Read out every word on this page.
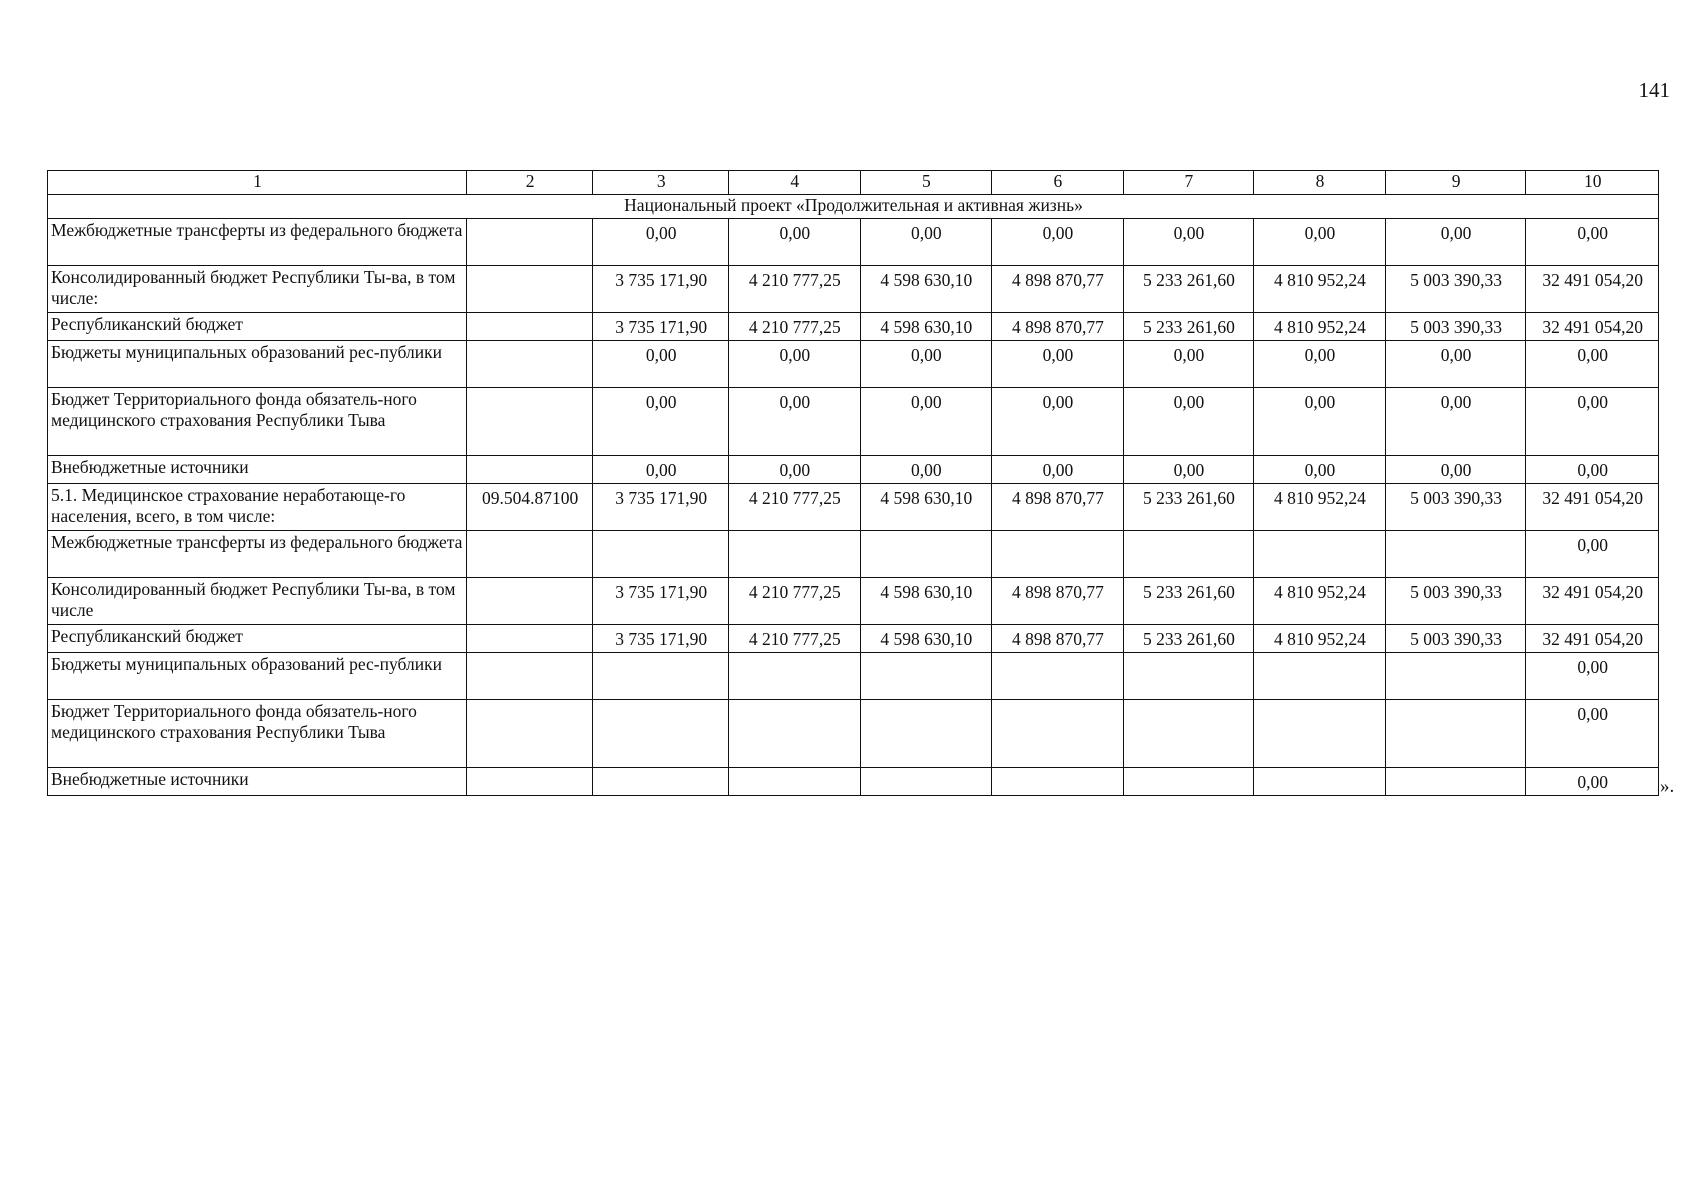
141
1	2	3	4	5	6	7	8	9	10
Национальный проект «Продолжительная и активная жизнь»									
Межбюджетные трансферты из федерального бюджета		0,00	0,00	0,00	0,00	0,00	0,00	0,00	0,00
Консолидированный бюджет Республики Ты-ва, в том числе:		3 735 171,90	4 210 777,25	4 598 630,10	4 898 870,77	5 233 261,60	4 810 952,24	5 003 390,33	32 491 054,20
Республиканский бюджет		3 735 171,90	4 210 777,25	4 598 630,10	4 898 870,77	5 233 261,60	4 810 952,24	5 003 390,33	32 491 054,20
Бюджеты муниципальных образований рес-публики		0,00	0,00	0,00	0,00	0,00	0,00	0,00	0,00
Бюджет Территориального фонда обязатель-ного медицинского страхования Республики Тыва		0,00	0,00	0,00	0,00	0,00	0,00	0,00	0,00
Внебюджетные источники		0,00	0,00	0,00	0,00	0,00	0,00	0,00	0,00
5.1. Медицинское страхование неработающе-го населения, всего, в том числе:	09.504.87100	3 735 171,90	4 210 777,25	4 598 630,10	4 898 870,77	5 233 261,60	4 810 952,24	5 003 390,33	32 491 054,20
Межбюджетные трансферты из федерального бюджета									0,00
Консолидированный бюджет Республики Ты-ва, в том числе		3 735 171,90	4 210 777,25	4 598 630,10	4 898 870,77	5 233 261,60	4 810 952,24	5 003 390,33	32 491 054,20
Республиканский бюджет		3 735 171,90	4 210 777,25	4 598 630,10	4 898 870,77	5 233 261,60	4 810 952,24	5 003 390,33	32 491 054,20
Бюджеты муниципальных образований рес-публики									0,00
Бюджет Территориального фонда обязатель-ного медицинского страхования Республики Тыва									0,00
Внебюджетные источники									0,00	».
